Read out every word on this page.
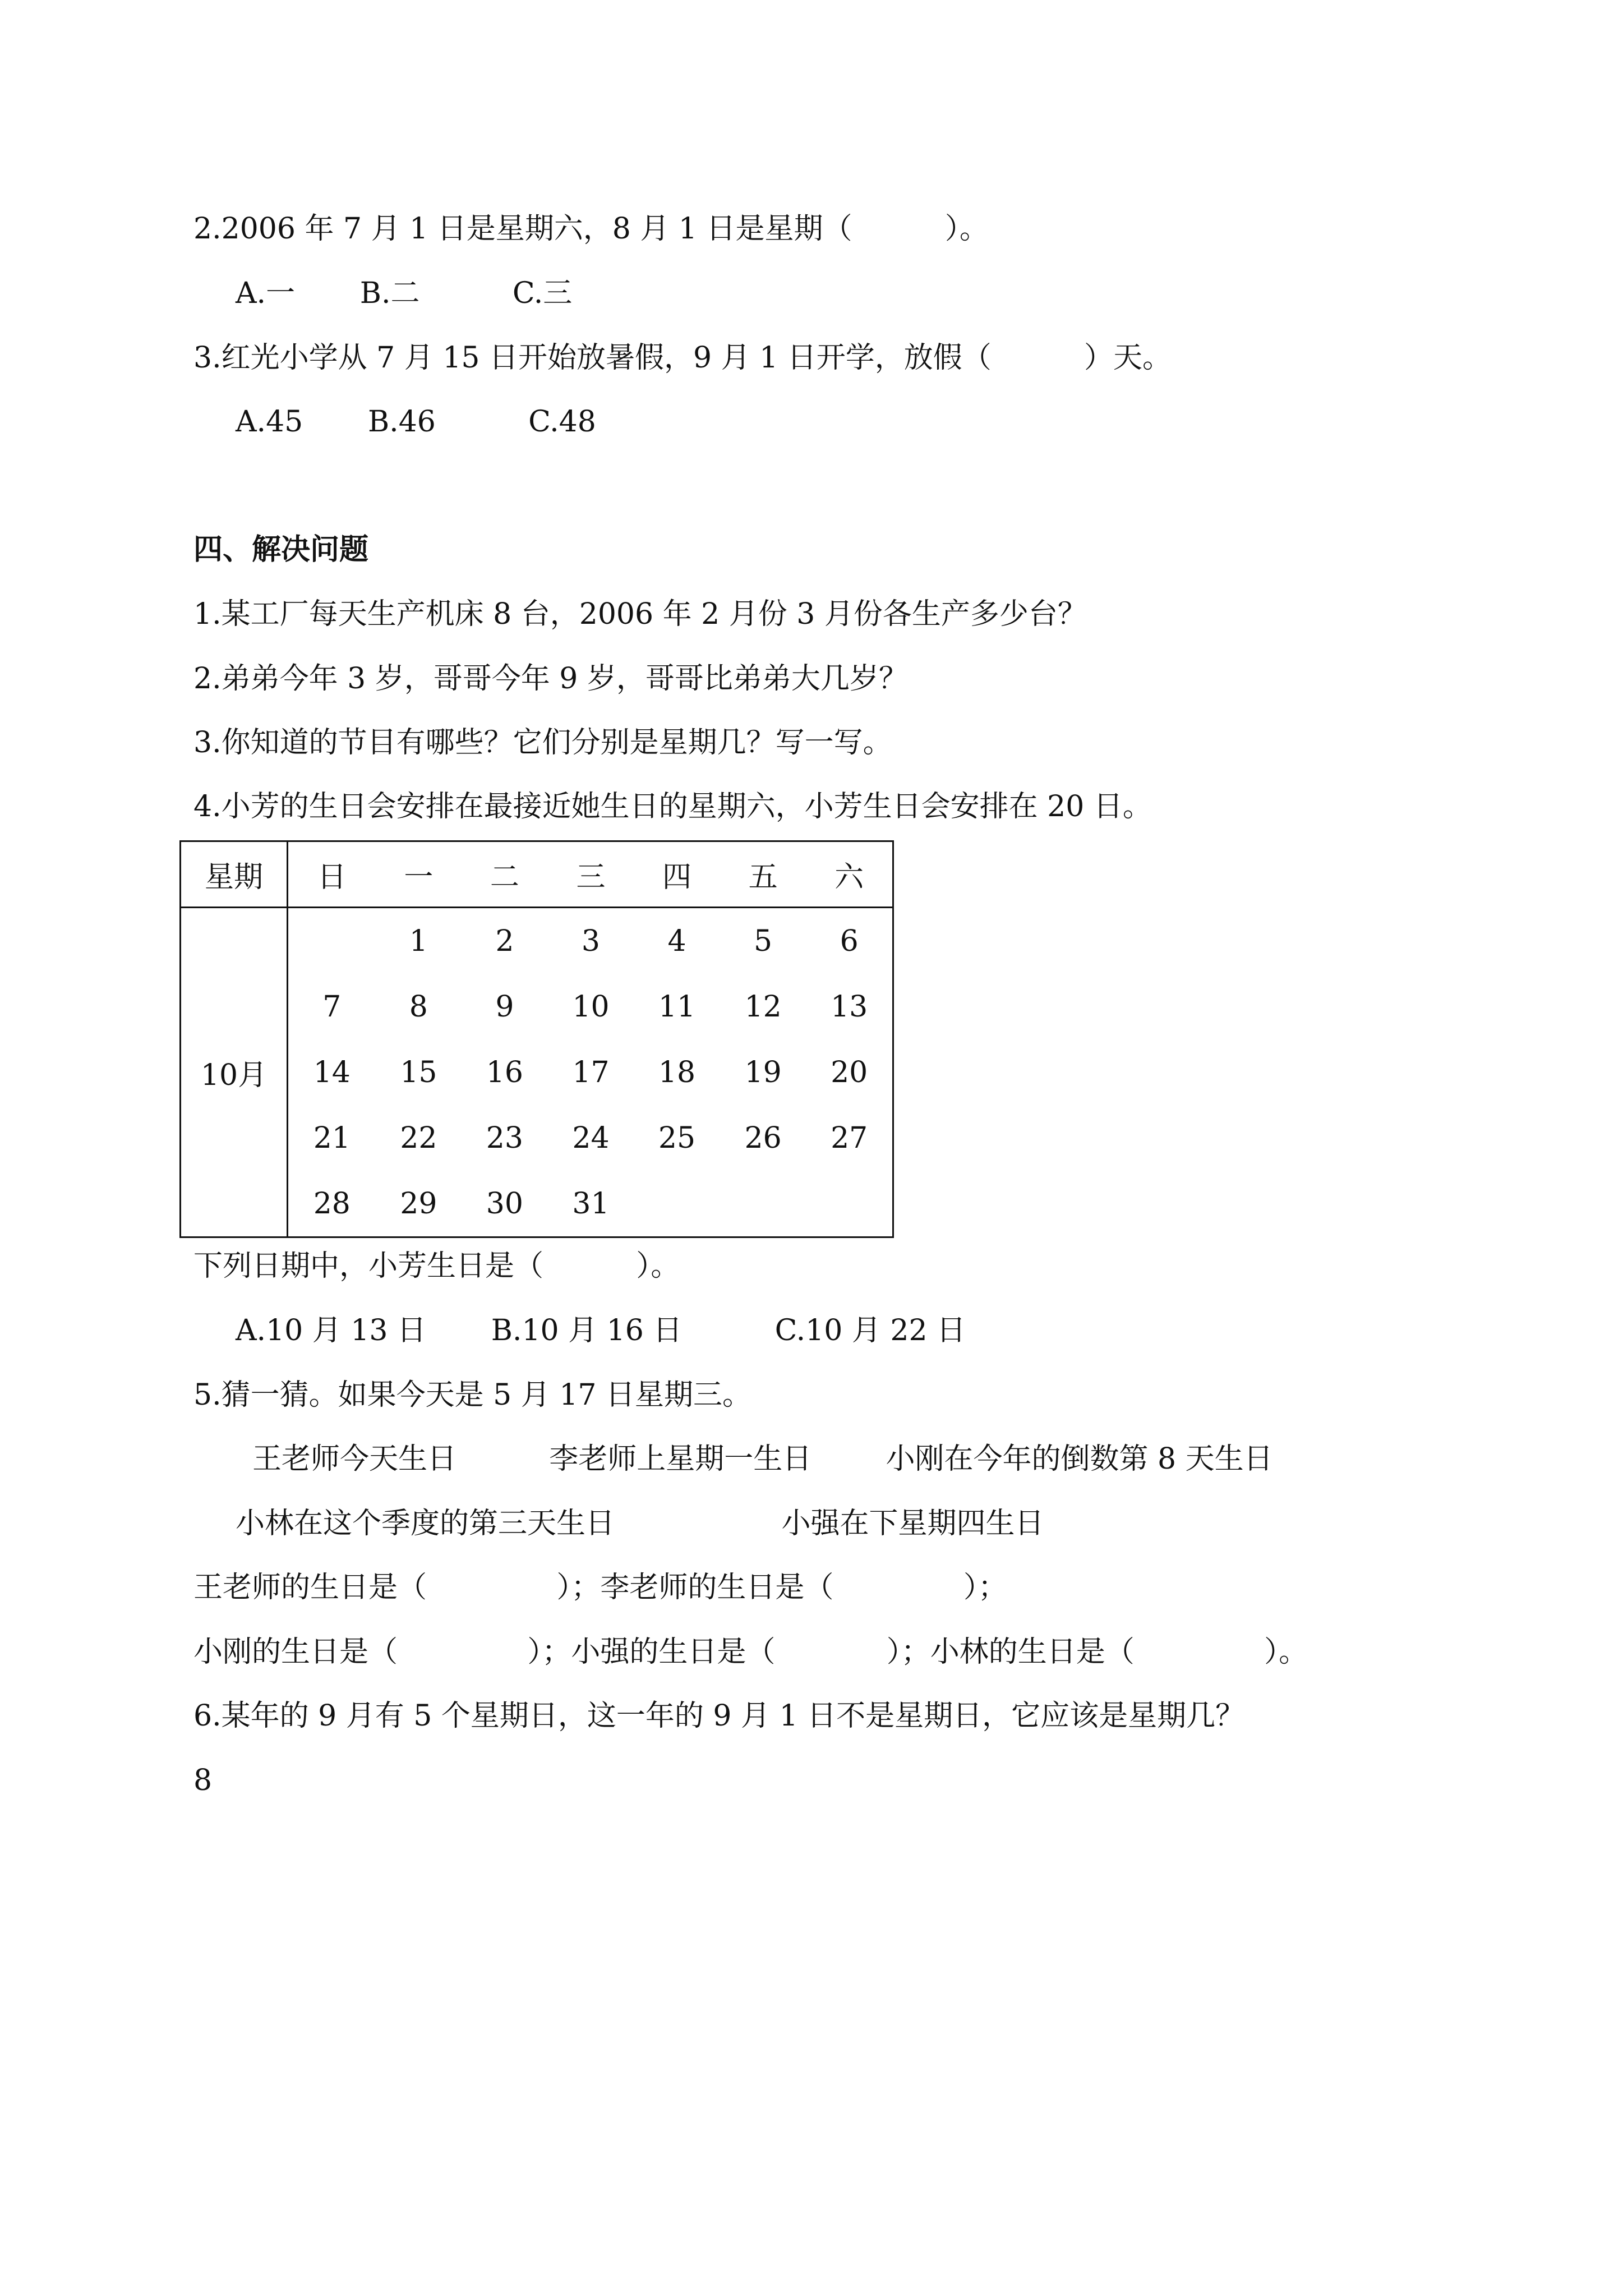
2.2006 年 7 月 1 日是星期六，8 月 1 日是星期（          ）。
A.一       B.二          C.三
3.红光小学从 7 月 15 日开始放暑假，9 月 1 日开学，放假（          ）天。
A.45       B.46          C.48
四、解决问题
1.某工厂每天生产机床 8 台，2006 年 2 月份 3 月份各生产多少台？
2.弟弟今年 3 岁，哥哥今年 9 岁，哥哥比弟弟大几岁？
3.你知道的节目有哪些？它们分别是星期几？写一写。
4.小芳的生日会安排在最接近她生日的星期六，小芳生日会安排在 20 日。
星期	日	一	二	三	四	五	六
10月		1	2	3	4	5	6
	7	8	9	10	11	12	13
	14	15	16	17	18	19	20
	21	22	23	24	25	26	27
	28	29	30	31			
下列日期中，小芳生日是（          ）。
A.10 月 13 日       B.10 月 16 日          C.10 月 22 日
5.猜一猜。如果今天是 5 月 17 日星期三。
王老师今天生日          李老师上星期一生日        小刚在今年的倒数第 8 天生日
小林在这个季度的第三天生日                  小强在下星期四生日
王老师的生日是（              ）；李老师的生日是（              ）；
小刚的生日是（              ）；小强的生日是（            ）；小林的生日是（              ）。
6.某年的 9 月有 5 个星期日，这一年的 9 月 1 日不是星期日，它应该是星期几？
8
